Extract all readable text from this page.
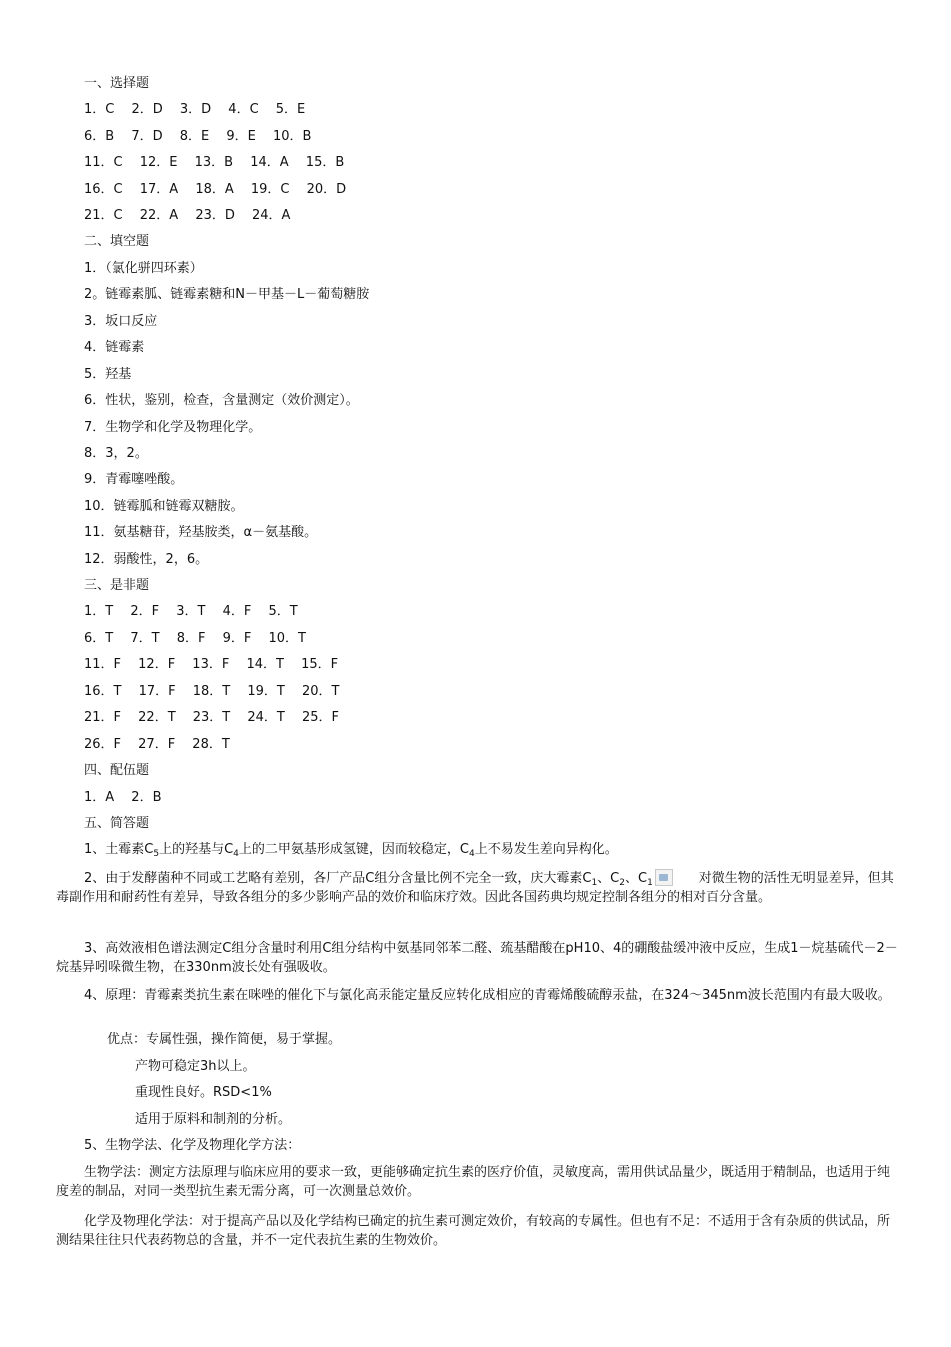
一、选择题
1．C　 2．D　 3．D　 4．C　 5．E
6．B　 7．D　 8．E　 9．E　 10．B
11．C　 12．E　 13．B　 14．A　 15．B
16．C　 17．A　 18．A　 19．C　 20．D
21．C　 22．A　 23．D　 24．A
二、填空题
1．（氯化骈四环素）
2。链霉素胍、链霉素糖和N－甲基－L－葡萄糖胺
3．坂口反应
4．链霉素
5．羟基
6．性状，鉴别，检查，含量测定（效价测定）。
7．生物学和化学及物理化学。
8．3，2。
9．青霉噻唑酸。
10．链霉胍和链霉双糖胺。
11．氨基糖苷，羟基胺类，α－氨基酸。
12．弱酸性，2，6。
三、是非题
1．T　 2．F　 3．T　 4．F　 5．T
6．T　 7．T　 8．F　 9．F　 10．T
11．F　 12．F　 13．F　 14．T　 15．F
16．T　 17．F　 18．T　 19．T　 20．T
21．F　 22．T　 23．T　 24．T　 25．F
26．F　 27．F　 28．T
四、配伍题
1．A　 2．B
五、简答题
1、土霉素$C_5$上的羟基与$C_4$上的二甲氨基形成氢键，因而较稳定，$C_4$上不易发生差向异构化。
2、由于发酵菌种不同或工艺略有差别，各厂产品C组分含量比例不完全一致，庆大霉素$C_1$、$C_2$、$C_1$	对微生物的活性无明显差异，但其毒副作用和耐药性有差异，导致各组分的多少影响产品的效价和临床疗效。因此各国药典均规定控制各组分的相对百分含量。
3、高效液相色谱法测定C组分含量时利用C组分结构中氨基同邻苯二醛、巯基醋酸在pH10、4的硼酸盐缓冲液中反应，生成1－烷基硫代－2－烷基异吲哚微生物，在330nm波长处有强吸收。
4、原理：青霉素类抗生素在咪唑的催化下与氯化高汞能定量反应转化成相应的青霉烯酸硫醇汞盐，在324～345nm波长范围内有最大吸收。
优点：专属性强，操作简便，易于掌握。
产物可稳定3h以上。
重现性良好。RSD<1%
适用于原料和制剂的分析。
5、生物学法、化学及物理化学方法：
生物学法：测定方法原理与临床应用的要求一致，更能够确定抗生素的医疗价值，灵敏度高，需用供试品量少，既适用于精制品，也适用于纯度差的制品，对同一类型抗生素无需分离，可一次测量总效价。
化学及物理化学法：对于提高产品以及化学结构已确定的抗生素可测定效价，有较高的专属性。但也有不足：不适用于含有杂质的供试品，所测结果往往只代表药物总的含量，并不一定代表抗生素的生物效价。
